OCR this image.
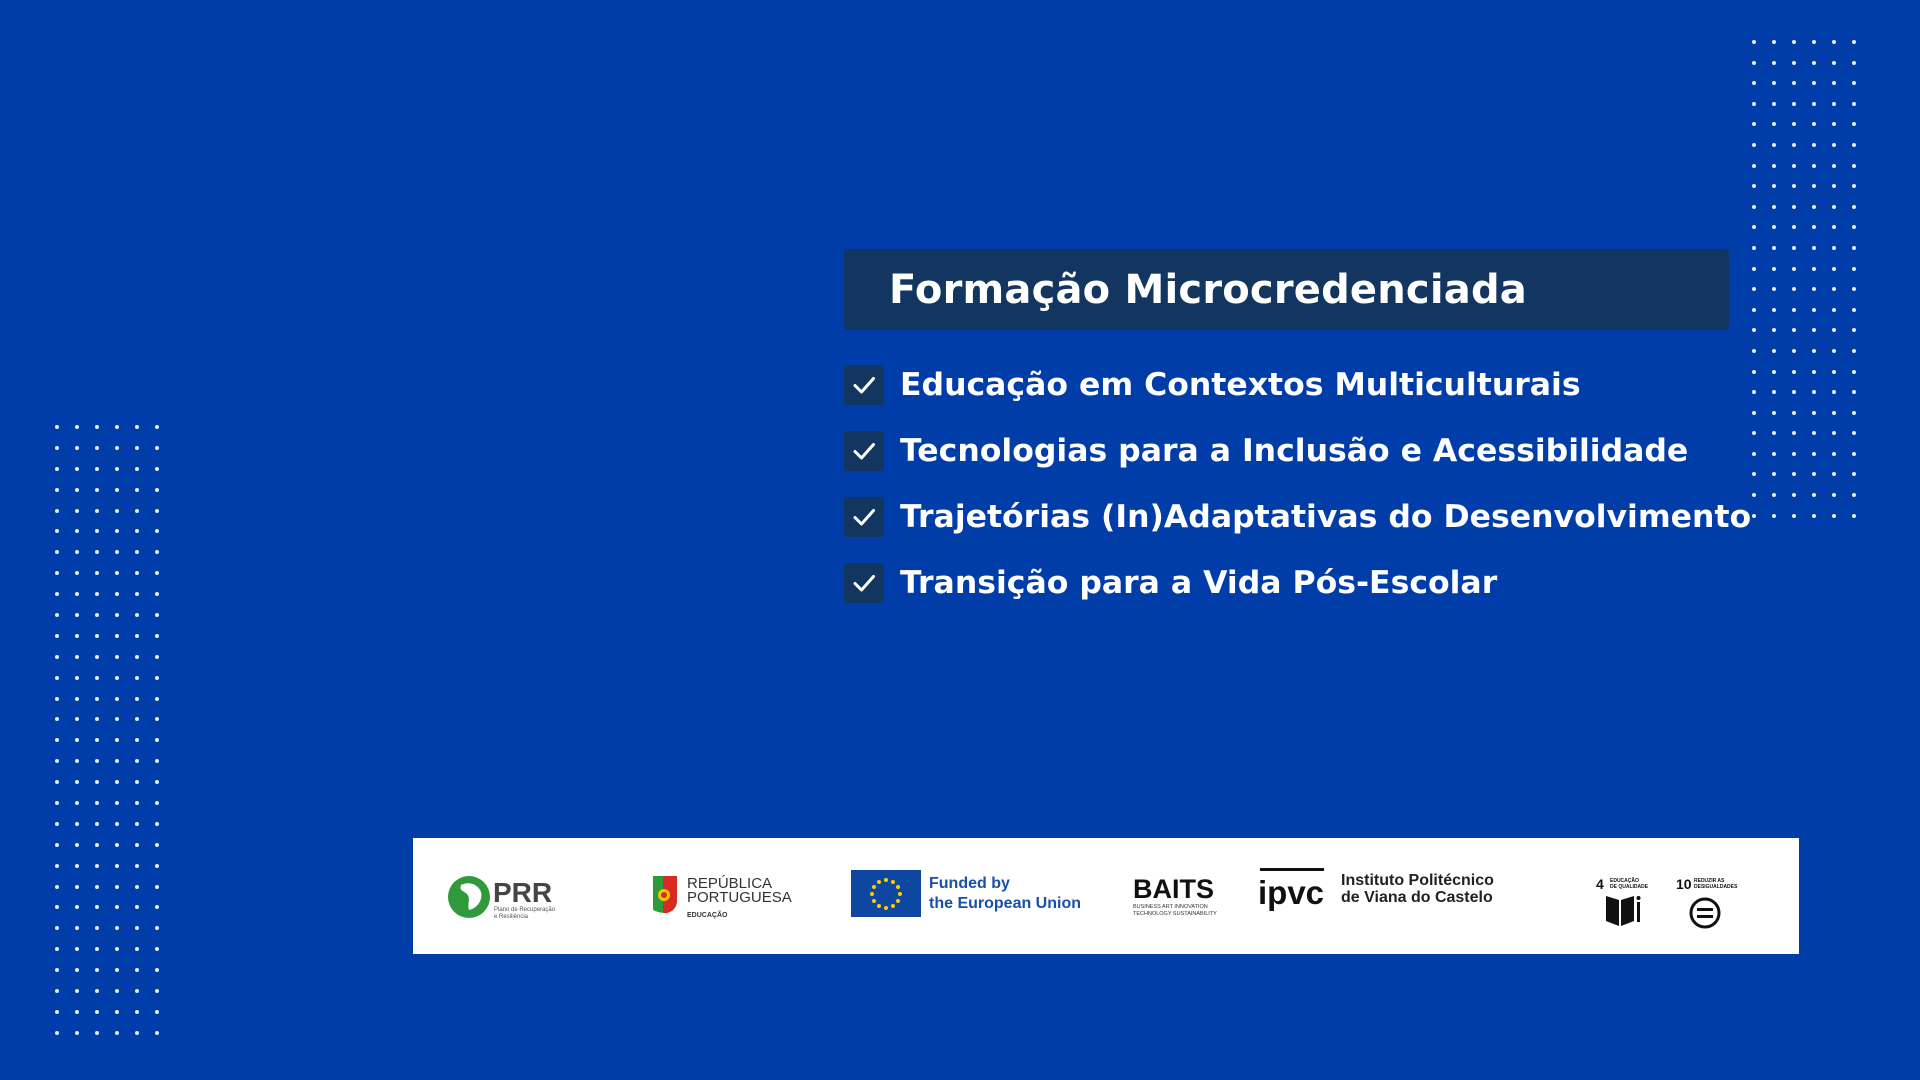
Formação Microcredenciada
Educação em Contextos Multiculturais
Tecnologias para a Inclusão e Acessibilidade
Trajetórias (In)Adaptativas do Desenvolvimento
Transição para a Vida Pós-Escolar
PRR
Plano de Recuperação
e Resiliência
REPÚBLICA
PORTUGUESA
EDUCAÇÃO
Funded by
the European Union BAITS
BUSINESS ART INNOVATION
TECHNOLOGY SUSTAINABILITY
ipvc Instituto Politécnico
de Viana do Castelo
4 EDUCAÇÃO
DE QUALIDADE 10 REDUZIR AS
DESIGUALDADES
